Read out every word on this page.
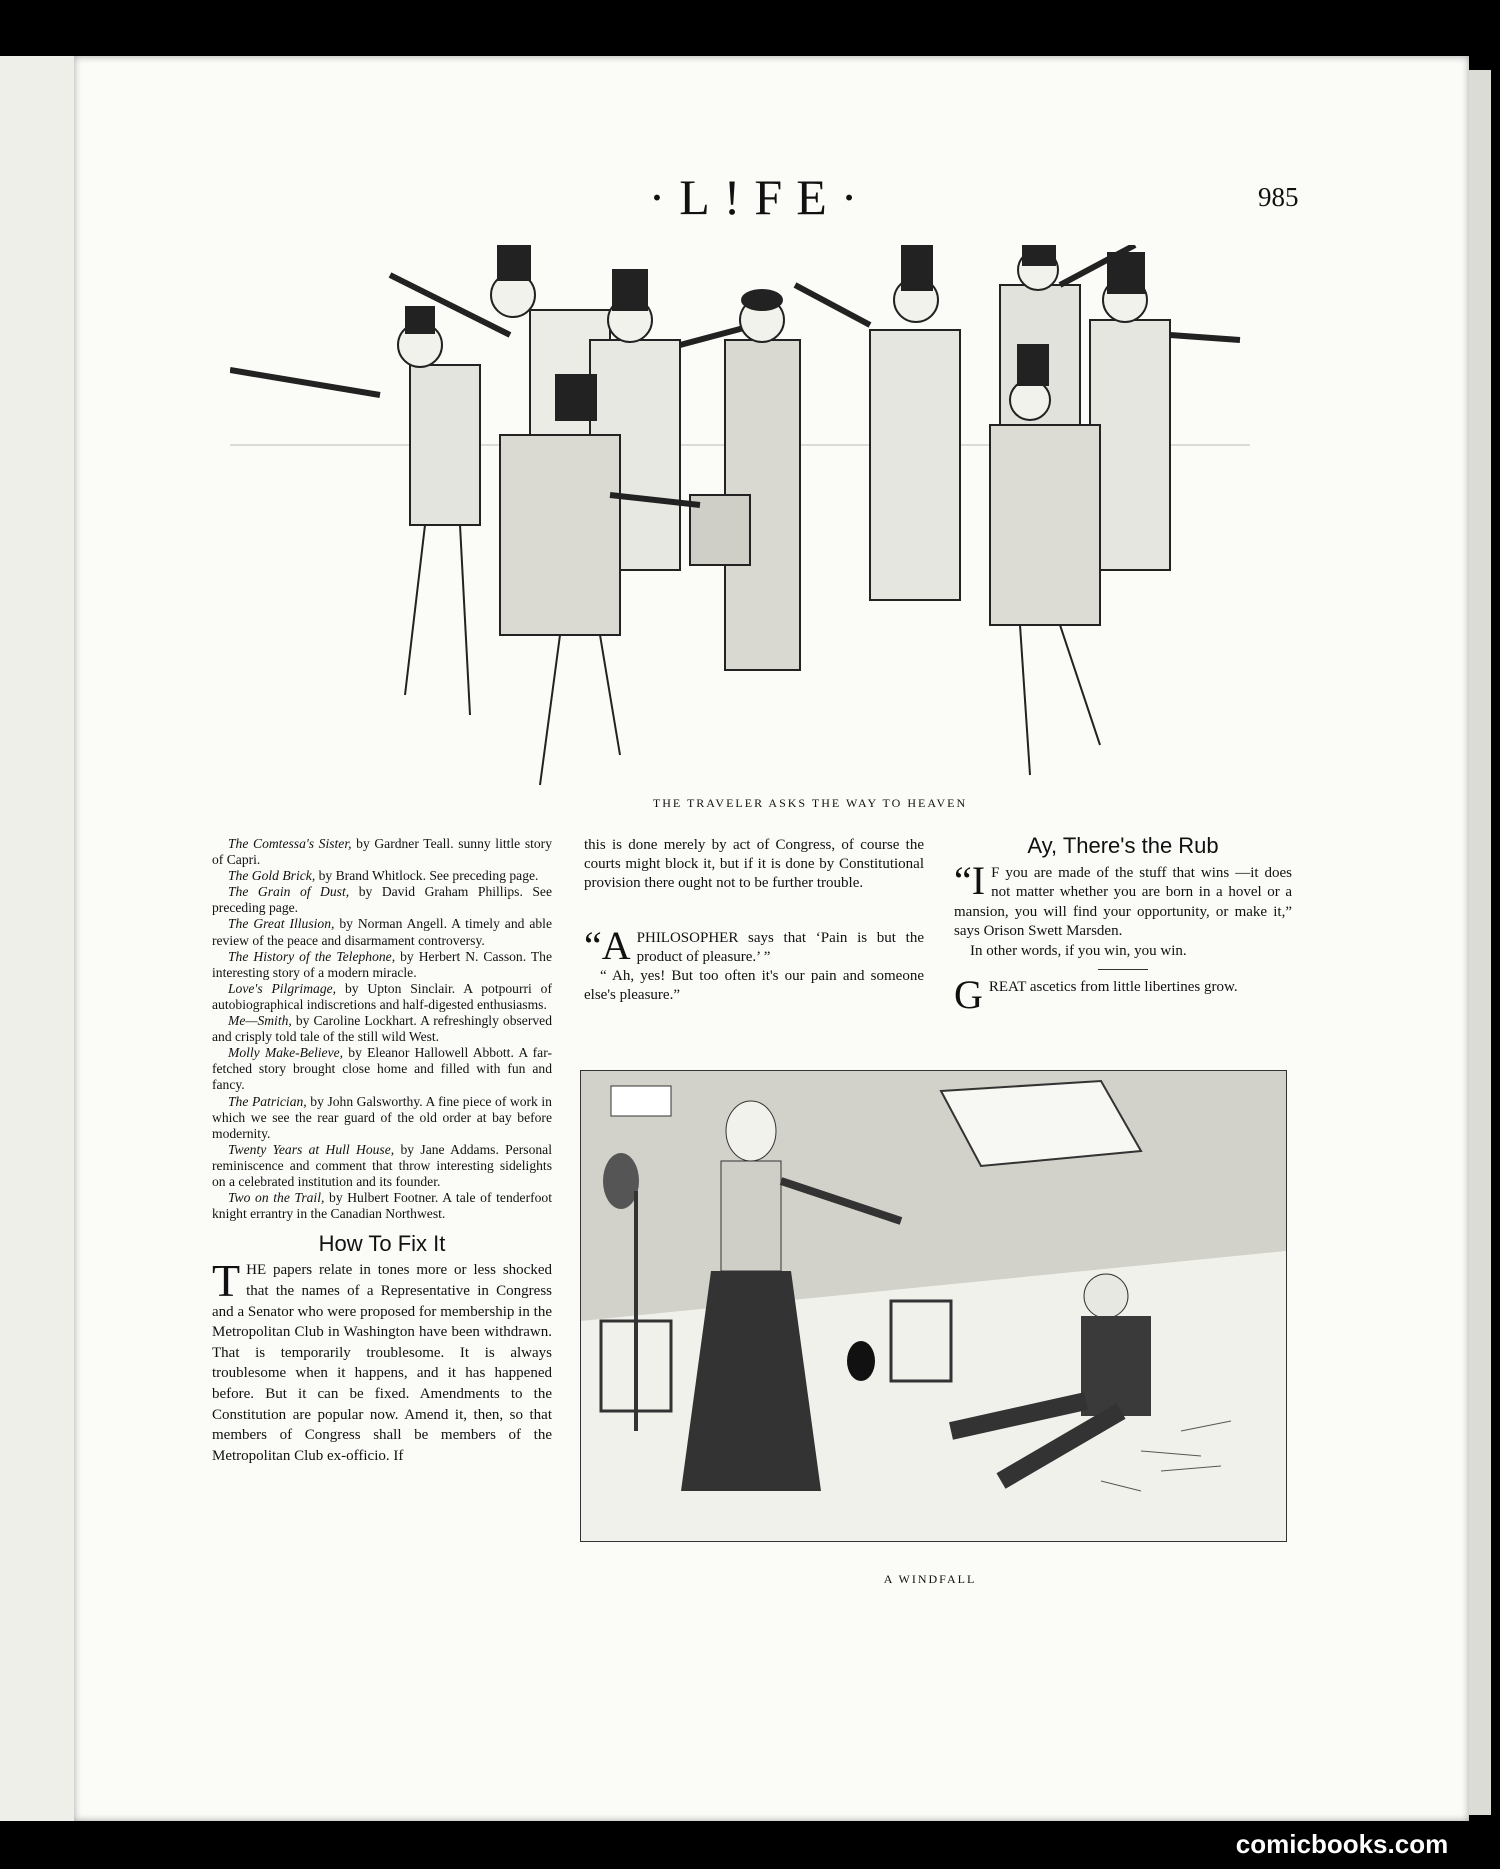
·L!FE·	985
THE TRAVELER ASKS THE WAY TO HEAVEN

The Comtessa's Sister, by Gardner Teall. sunny little story of Capri.

The Gold Brick, by Brand Whitlock. See preceding page.

The Grain of Dust, by David Graham Phillips. See preceding page.

The Great Illusion, by Norman Angell. A timely and able review of the peace and disarmament controversy.

The History of the Telephone, by Herbert N. Casson. The interesting story of a modern miracle.

Love's Pilgrimage, by Upton Sinclair. A potpourri of autobiographical indiscretions and half-digested enthusiasms.

Me—Smith, by Caroline Lockhart. A refreshingly observed and crisply told tale of the still wild West.

Molly Make-Believe, by Eleanor Hallowell Abbott. A far-fetched story brought close home and filled with fun and fancy.

The Patrician, by John Galsworthy. A fine piece of work in which we see the rear guard of the old order at bay before modernity.

Twenty Years at Hull House, by Jane Addams. Personal reminiscence and comment that throw interesting sidelights on a celebrated institution and its founder.

Two on the Trail, by Hulbert Footner. A tale of tenderfoot knight errantry in the Canadian Northwest.

How To Fix It

THE papers relate in tones more or less shocked that the names of a Representative in Congress and a Senator who were proposed for membership in the Metropolitan Club in Washington have been withdrawn. That is temporarily troublesome. It is always troublesome when it happens, and it has happened before. But it can be fixed. Amendments to the Constitution are popular now. Amend it, then, so that members of Congress shall be members of the Metropolitan Club ex-officio. If

this is done merely by act of Congress, of course the courts might block it, but if it is done by Constitutional provision there ought not to be further trouble.

“APHILOSOPHER says that ‘Pain is but the product of pleasure.’ ”

“ Ah, yes! But too often it's our pain and someone else's pleasure.”

Ay, There's the Rub

“I F you are made of the stuff that wins —it does not matter whether you are born in a hovel or a mansion, you will find your opportunity, or make it,” says Orison Swett Marsden.

In other words, if you win, you win.

GREAT ascetics from little libertines grow.

A WINDFALL
comicbooks.com
